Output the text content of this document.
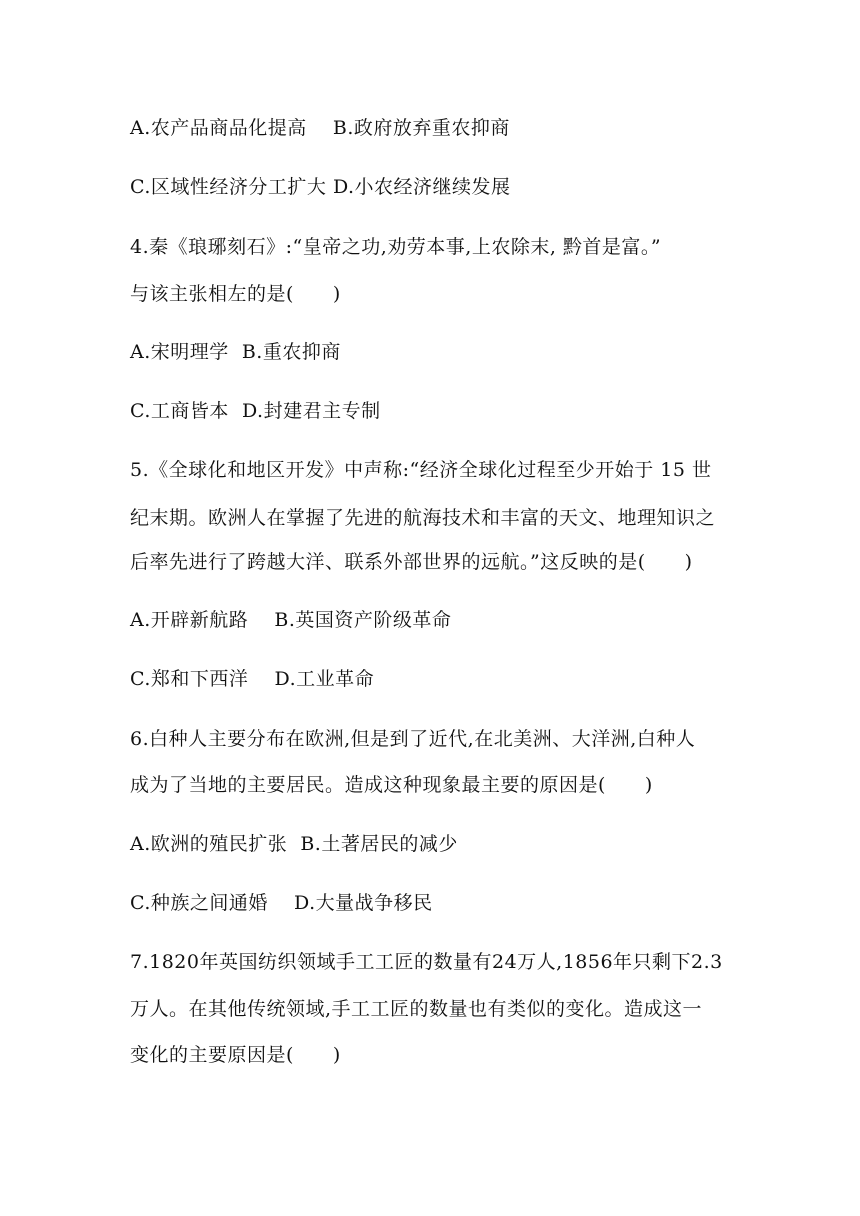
A.农产品商品化提高    B.政府放弃重农抑商
C.区域性经济分工扩大 D.小农经济继续发展
4.秦《琅琊刻石》:“皇帝之功,劝劳本事,上农除末, 黔首是富。”
与该主张相左的是(　　)
A.宋明理学  B.重农抑商
C.工商皆本  D.封建君主专制
5.《全球化和地区开发》中声称:“经济全球化过程至少开始于 15 世
纪末期。欧洲人在掌握了先进的航海技术和丰富的天文、地理知识之
后率先进行了跨越大洋、联系外部世界的远航。”这反映的是(　　)
A.开辟新航路    B.英国资产阶级革命
C.郑和下西洋    D.工业革命
6.白种人主要分布在欧洲,但是到了近代,在北美洲、大洋洲,白种人
成为了当地的主要居民。造成这种现象最主要的原因是(　　)
A.欧洲的殖民扩张  B.土著居民的减少
C.种族之间通婚    D.大量战争移民
7.1820年英国纺织领域手工工匠的数量有24万人,1856年只剩下2.3
万人。在其他传统领域,手工工匠的数量也有类似的变化。造成这一
变化的主要原因是(　　)
